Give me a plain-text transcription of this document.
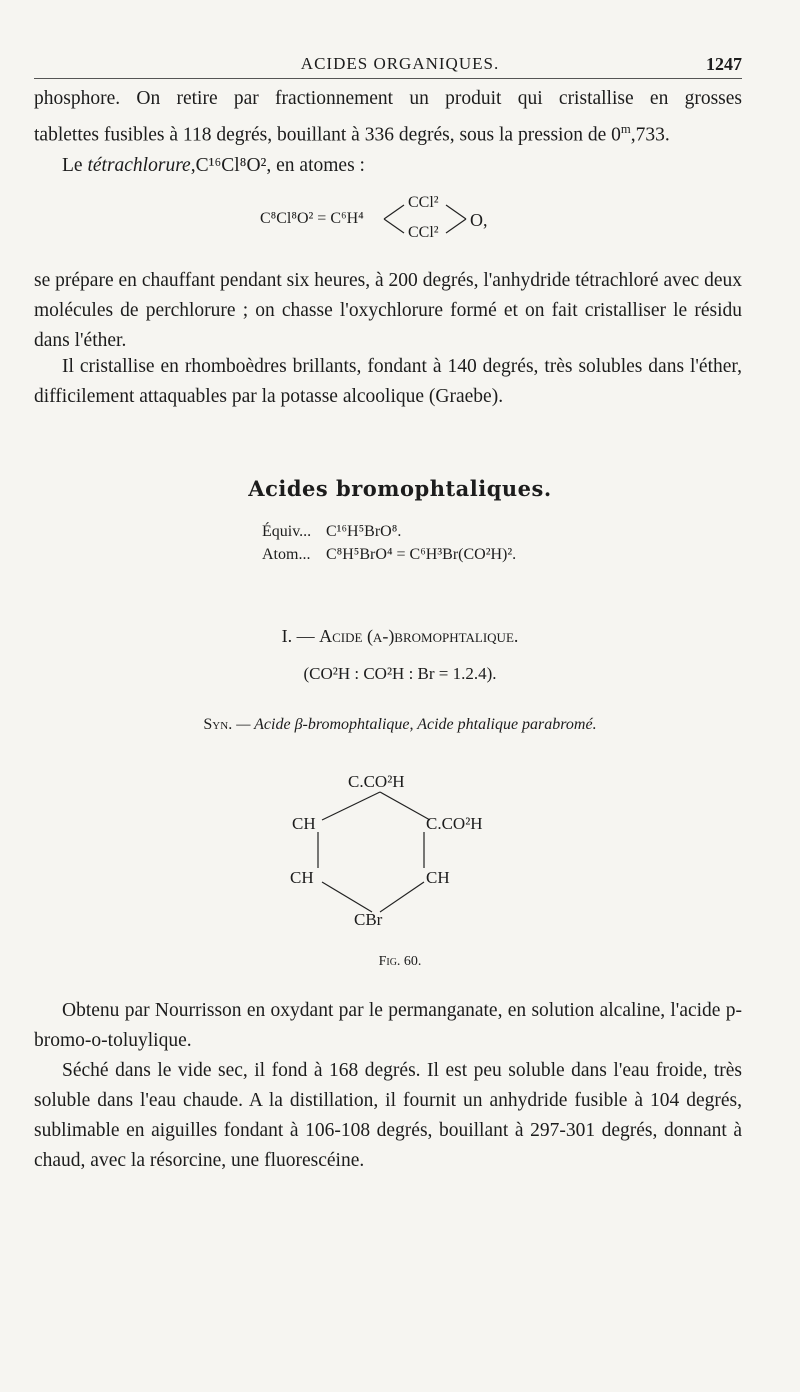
ACIDES ORGANIQUES.	1247

phosphore. On retire par fractionnement un produit qui cristallise en grosses

tablettes fusibles à 118 degrés, bouillant à 336 degrés, sous la pression de 0$^m$,733.

Le tétrachlorure,C¹⁶Cl⁸O², en atomes :

C⁸Cl⁸O² = C⁶H⁴
CCl²
CCl²
O,

se prépare en chauffant pendant six heures, à 200 degrés, l'anhydride tétrachloré avec deux molécules de perchlorure ; on chasse l'oxychlorure formé et on fait cristalliser le résidu dans l'éther.

Il cristallise en rhomboèdres brillants, fondant à 140 degrés, très solubles dans l'éther, difficilement attaquables par la potasse alcoolique (Graebe).

Acides bromophtaliques.
Équiv... C¹⁶H⁵BrO⁸.
Atom... C⁸H⁵BrO⁴ = C⁶H³Br(CO²H)².
I. — Acide (a-)bromophtalique.
(CO²H : CO²H : Br = 1.2.4).
Syn. — Acide β-bromophtalique, Acide phtalique parabromé.
C.CO²H
CH	C.CO²H
CH	CH
CBr
Fig. 60.

Obtenu par Nourrisson en oxydant par le permanganate, en solution alcaline, l'acide p-bromo-o-toluylique.

Séché dans le vide sec, il fond à 168 degrés. Il est peu soluble dans l'eau froide, très soluble dans l'eau chaude. A la distillation, il fournit un anhydride fusible à 104 degrés, sublimable en aiguilles fondant à 106-108 degrés, bouillant à 297-301 degrés, donnant à chaud, avec la résorcine, une fluorescéine.
